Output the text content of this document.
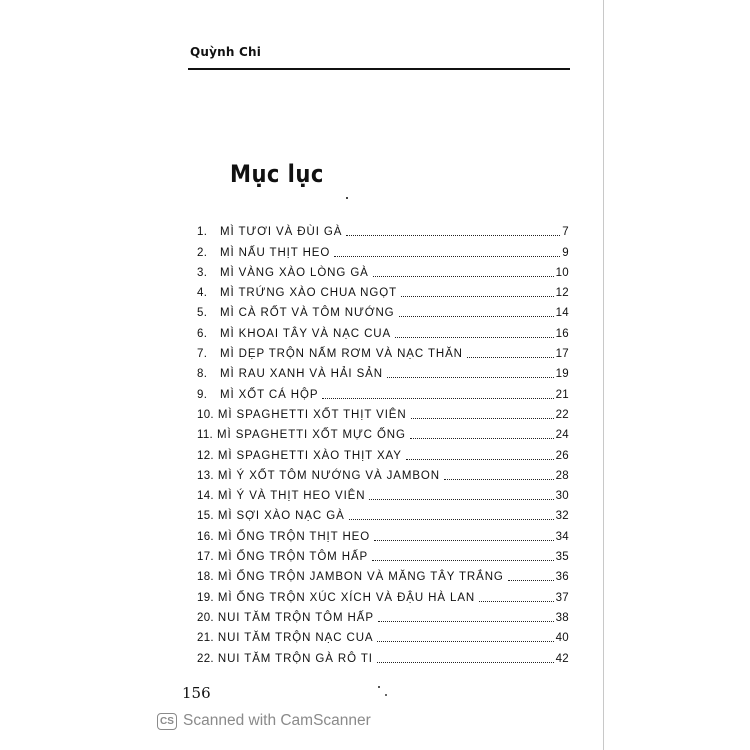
Quỳnh Chi
Mục lục
1.	MÌ TƯƠI VÀ ĐÙI GÀ	7
2.	MÌ NẤU THỊT HEO	9
3.	MÌ VÀNG XÀO LÒNG GÀ	10
4.	MÌ TRỨNG XÀO CHUA NGỌT	12
5.	MÌ CÀ RỐT VÀ TÔM NƯỚNG	14
6.	MÌ KHOAI TÂY VÀ NẠC CUA	16
7.	MÌ DẸP TRỘN NẤM RƠM VÀ NẠC THĂN	17
8.	MÌ RAU XANH VÀ HẢI SẢN	19
9.	MÌ XỐT CÁ HỘP	21
10. MÌ SPAGHETTI XỐT THỊT VIÊN	22
11. MÌ SPAGHETTI XỐT MỰC ỐNG	24
12. MÌ SPAGHETTI XÀO THỊT XAY	26
13. MÌ Ý XỐT TÔM NƯỚNG VÀ JAMBON	28
14. MÌ Ý VÀ THỊT HEO VIÊN	30
15. MÌ SỢI XÀO NẠC GÀ	32
16. MÌ ỐNG TRỘN THỊT HEO	34
17. MÌ ỐNG TRỘN TÔM HẤP	35
18. MÌ ỐNG TRỘN JAMBON VÀ MĂNG TÂY TRẮNG	36
19. MÌ ỐNG TRỘN XÚC XÍCH VÀ ĐẬU HÀ LAN	37
20. NUI TĂM TRỘN TÔM HẤP	38
21. NUI TĂM TRỘN NẠC CUA	40
22. NUI TĂM TRỘN GÀ RÔ TI	42
156
CS Scanned with CamScanner
